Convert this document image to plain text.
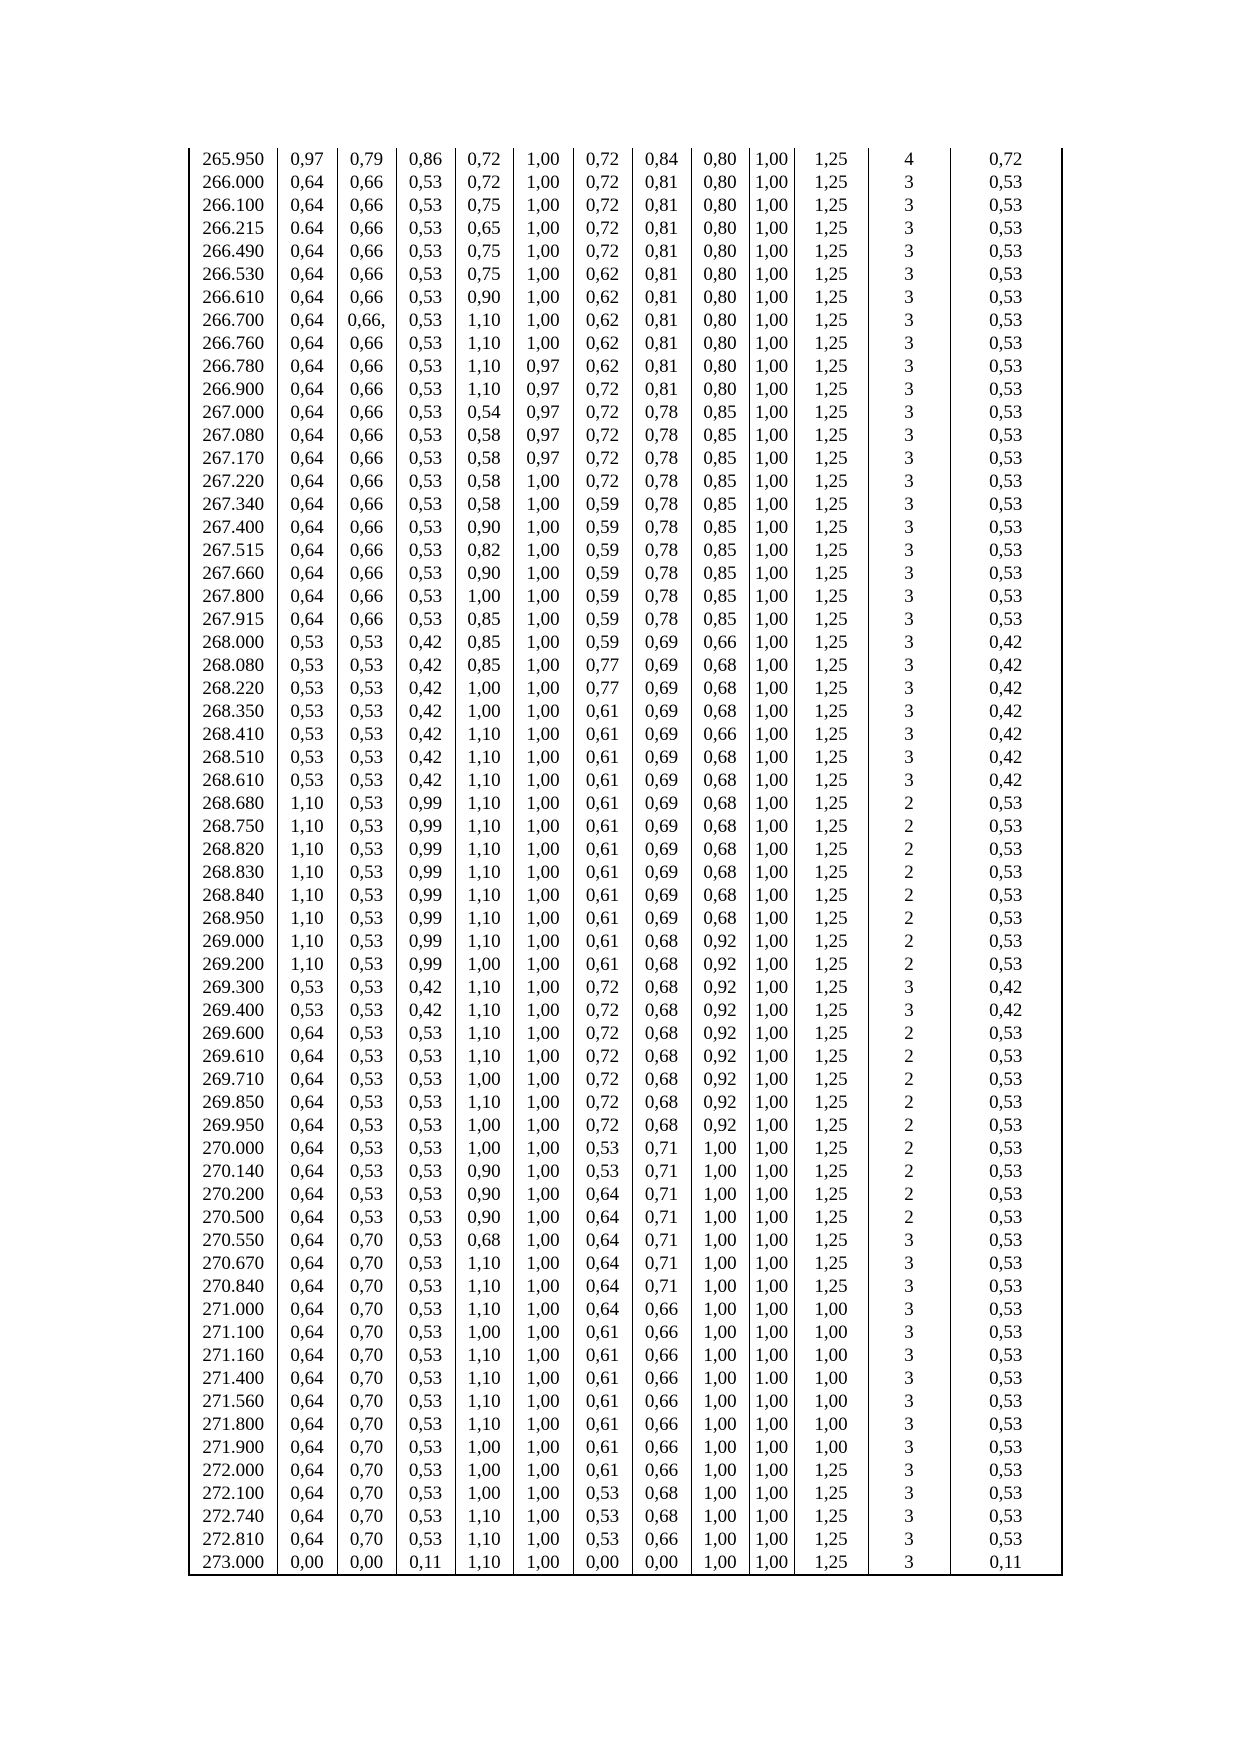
265.950	0,97	0,79	0,86	0,72	1,00	0,72	0,84	0,80	1,00	1,25	4	0,72
266.000	0,64	0,66	0,53	0,72	1,00	0,72	0,81	0,80	1,00	1,25	3	0,53
266.100	0,64	0,66	0,53	0,75	1,00	0,72	0,81	0,80	1,00	1,25	3	0,53
266.215	0.64	0,66	0,53	0,65	1,00	0,72	0,81	0,80	1,00	1,25	3	0,53
266.490	0,64	0,66	0,53	0,75	1,00	0,72	0,81	0,80	1,00	1,25	3	0,53
266.530	0,64	0,66	0,53	0,75	1,00	0,62	0,81	0,80	1,00	1,25	3	0,53
266.610	0,64	0,66	0,53	0,90	1,00	0,62	0,81	0,80	1,00	1,25	3	0,53
266.700	0,64	0,66,	0,53	1,10	1,00	0,62	0,81	0,80	1,00	1,25	3	0,53
266.760	0,64	0,66	0,53	1,10	1,00	0,62	0,81	0,80	1,00	1,25	3	0,53
266.780	0,64	0,66	0,53	1,10	0,97	0,62	0,81	0,80	1,00	1,25	3	0,53
266.900	0,64	0,66	0,53	1,10	0,97	0,72	0,81	0,80	1,00	1,25	3	0,53
267.000	0,64	0,66	0,53	0,54	0,97	0,72	0,78	0,85	1,00	1,25	3	0,53
267.080	0,64	0,66	0,53	0,58	0,97	0,72	0,78	0,85	1,00	1,25	3	0,53
267.170	0,64	0,66	0,53	0,58	0,97	0,72	0,78	0,85	1,00	1,25	3	0,53
267.220	0,64	0,66	0,53	0,58	1,00	0,72	0,78	0,85	1,00	1,25	3	0,53
267.340	0,64	0,66	0,53	0,58	1,00	0,59	0,78	0,85	1,00	1,25	3	0,53
267.400	0,64	0,66	0,53	0,90	1,00	0,59	0,78	0,85	1,00	1,25	3	0,53
267.515	0,64	0,66	0,53	0,82	1,00	0,59	0,78	0,85	1,00	1,25	3	0,53
267.660	0,64	0,66	0,53	0,90	1,00	0,59	0,78	0,85	1,00	1,25	3	0,53
267.800	0,64	0,66	0,53	1,00	1,00	0,59	0,78	0,85	1,00	1,25	3	0,53
267.915	0,64	0,66	0,53	0,85	1,00	0,59	0,78	0,85	1,00	1,25	3	0,53
268.000	0,53	0,53	0,42	0,85	1,00	0,59	0,69	0,66	1,00	1,25	3	0,42
268.080	0,53	0,53	0,42	0,85	1,00	0,77	0,69	0,68	1,00	1,25	3	0,42
268.220	0,53	0,53	0,42	1,00	1,00	0,77	0,69	0,68	1,00	1,25	3	0,42
268.350	0,53	0,53	0,42	1,00	1,00	0,61	0,69	0,68	1,00	1,25	3	0,42
268.410	0,53	0,53	0,42	1,10	1,00	0,61	0,69	0,66	1,00	1,25	3	0,42
268.510	0,53	0,53	0,42	1,10	1,00	0,61	0,69	0,68	1,00	1,25	3	0,42
268.610	0,53	0,53	0,42	1,10	1,00	0,61	0,69	0,68	1,00	1,25	3	0,42
268.680	1,10	0,53	0,99	1,10	1,00	0,61	0,69	0,68	1,00	1,25	2	0,53
268.750	1,10	0,53	0,99	1,10	1,00	0,61	0,69	0,68	1,00	1,25	2	0,53
268.820	1,10	0,53	0,99	1,10	1,00	0,61	0,69	0,68	1,00	1,25	2	0,53
268.830	1,10	0,53	0,99	1,10	1,00	0,61	0,69	0,68	1,00	1,25	2	0,53
268.840	1,10	0,53	0,99	1,10	1,00	0,61	0,69	0,68	1,00	1,25	2	0,53
268.950	1,10	0,53	0,99	1,10	1,00	0,61	0,69	0,68	1,00	1,25	2	0,53
269.000	1,10	0,53	0,99	1,10	1,00	0,61	0,68	0,92	1,00	1,25	2	0,53
269.200	1,10	0,53	0,99	1,00	1,00	0,61	0,68	0,92	1,00	1,25	2	0,53
269.300	0,53	0,53	0,42	1,10	1,00	0,72	0,68	0,92	1,00	1,25	3	0,42
269.400	0,53	0,53	0,42	1,10	1,00	0,72	0,68	0,92	1,00	1,25	3	0,42
269.600	0,64	0,53	0,53	1,10	1,00	0,72	0,68	0,92	1,00	1,25	2	0,53
269.610	0,64	0,53	0,53	1,10	1,00	0,72	0,68	0,92	1,00	1,25	2	0,53
269.710	0,64	0,53	0,53	1,00	1,00	0,72	0,68	0,92	1,00	1,25	2	0,53
269.850	0,64	0,53	0,53	1,10	1,00	0,72	0,68	0,92	1,00	1,25	2	0,53
269.950	0,64	0,53	0,53	1,00	1,00	0,72	0,68	0,92	1,00	1,25	2	0,53
270.000	0,64	0,53	0,53	1,00	1,00	0,53	0,71	1,00	1,00	1,25	2	0,53
270.140	0,64	0,53	0,53	0,90	1,00	0,53	0,71	1,00	1,00	1,25	2	0,53
270.200	0,64	0,53	0,53	0,90	1,00	0,64	0,71	1,00	1,00	1,25	2	0,53
270.500	0,64	0,53	0,53	0,90	1,00	0,64	0,71	1,00	1,00	1,25	2	0,53
270.550	0,64	0,70	0,53	0,68	1,00	0,64	0,71	1,00	1,00	1,25	3	0,53
270.670	0,64	0,70	0,53	1,10	1,00	0,64	0,71	1,00	1,00	1,25	3	0,53
270.840	0,64	0,70	0,53	1,10	1,00	0,64	0,71	1,00	1,00	1,25	3	0,53
271.000	0,64	0,70	0,53	1,10	1,00	0,64	0,66	1,00	1,00	1,00	3	0,53
271.100	0,64	0,70	0,53	1,00	1,00	0,61	0,66	1,00	1,00	1,00	3	0,53
271.160	0,64	0,70	0,53	1,10	1,00	0,61	0,66	1,00	1,00	1,00	3	0,53
271.400	0,64	0,70	0,53	1,10	1,00	0,61	0,66	1,00	1.00	1,00	3	0,53
271.560	0,64	0,70	0,53	1,10	1,00	0,61	0,66	1,00	1,00	1,00	3	0,53
271.800	0,64	0,70	0,53	1,10	1,00	0,61	0,66	1,00	1,00	1,00	3	0,53
271.900	0,64	0,70	0,53	1,00	1,00	0,61	0,66	1,00	1,00	1,00	3	0,53
272.000	0,64	0,70	0,53	1,00	1,00	0,61	0,66	1,00	1,00	1,25	3	0,53
272.100	0,64	0,70	0,53	1,00	1,00	0,53	0,68	1,00	1,00	1,25	3	0,53
272.740	0,64	0,70	0,53	1,10	1,00	0,53	0,68	1,00	1,00	1,25	3	0,53
272.810	0,64	0,70	0,53	1,10	1,00	0,53	0,66	1,00	1,00	1,25	3	0,53
273.000	0,00	0,00	0,11	1,10	1,00	0,00	0,00	1,00	1,00	1,25	3	0,11
